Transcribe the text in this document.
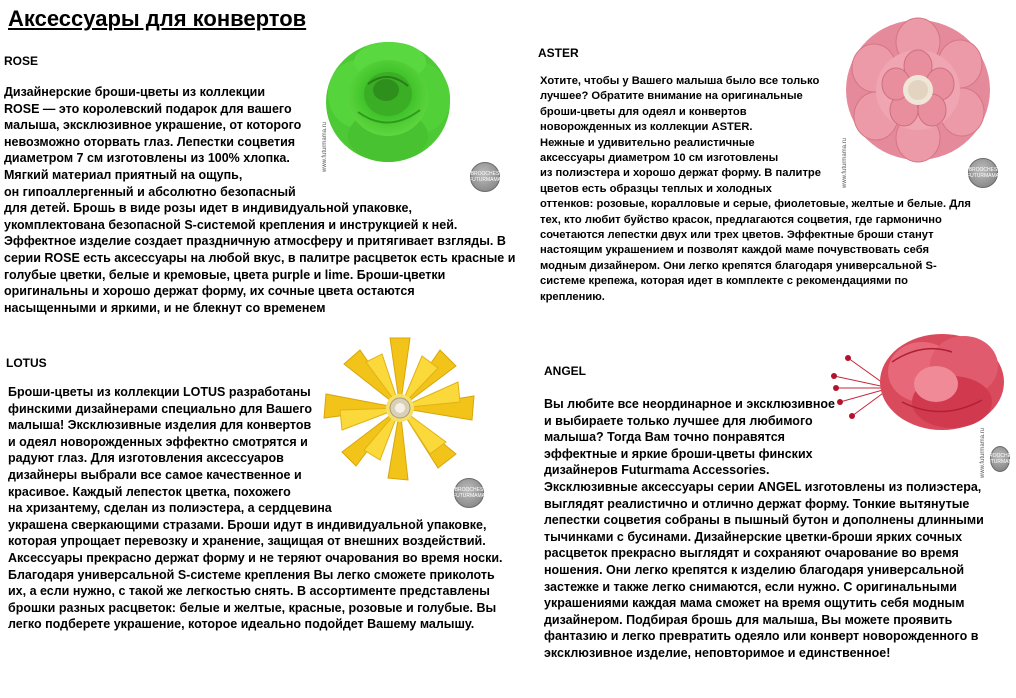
Аксессуары для конвертов
ROSE
www.futurmama.ru
BROOCHES FUTURMAMA

Дизайнерские броши-цветы из коллекции

ROSE — это королевский подарок для вашего

малыша, эксклюзивное украшение, от которого

невозможно оторвать глаз. Лепестки соцветия

диаметром 7 см изготовлены из 100% хлопка.

Мягкий материал приятный на ощупь,

он гипоаллергенный и абсолютно безопасный

для детей. Брошь в виде розы идет в индивидуальной упаковке,

укомплектована безопасной S-системой крепления и инструкцией к ней.

Эффектное изделие создает праздничную атмосферу и притягивает взгляды. В

серии ROSE есть аксессуары на любой вкус, в палитре расцветок есть красные и

голубые цветки, белые и кремовые, цвета purple и lime. Броши-цветки

оригинальны и хорошо держат форму, их сочные цвета остаются

насыщенными и яркими, и не блекнут со временем

ASTER
www.futurmama.ru	BROOCHES FUTURMAMA

Хотите, чтобы у Вашего малыша было все только

лучшее? Обратите внимание на оригинальные

броши-цветы для одеял и конвертов

новорожденных из коллекции ASTER.

Нежные и удивительно реалистичные

аксессуары диаметром 10 см изготовлены

из полиэстера и хорошо держат форму. В палитре

цветов есть образцы теплых и холодных

оттенков: розовые, коралловые и серые, фиолетовые, желтые и белые. Для

тех, кто любит буйство красок, предлагаются соцветия, где гармонично

сочетаются лепестки двух или трех цветов. Эффектные броши станут

настоящим украшением и позволят каждой маме почувствовать себя

модным дизайнером. Они легко крепятся благодаря универсальной S-

системе крепежа, которая идет в комплекте с рекомендациями по

креплению.

LOTUS
BROOCHES FUTURMAMA

Броши-цветы из коллекции LOTUS разработаны

финскими дизайнерами специально для Вашего

малыша! Эксклюзивные изделия для конвертов

и одеял новорожденных эффектно смотрятся и

радуют глаз. Для изготовления аксессуаров

дизайнеры выбрали все самое качественное и

красивое. Каждый лепесток цветка, похожего

на хризантему, сделан из полиэстера, а сердцевина

украшена сверкающими стразами. Броши идут в индивидуальной упаковке,

которая упрощает перевозку и хранение, защищая от внешних воздействий.

Аксессуары прекрасно держат форму и не теряют очарования во время носки.

Благодаря универсальной S-системе крепления Вы легко сможете приколоть

их, а если нужно, с такой же легкостью снять. В ассортименте представлены

брошки разных расцветок: белые и желтые, красные, розовые и голубые. Вы

легко подберете украшение, которое идеально подойдет Вашему малышу.

ANGEL
www.futurmama.ru BROOCHES FUTURMAMA

Вы любите все неординарное и эксклюзивное

и выбираете только лучшее для любимого

малыша? Тогда Вам точно понравятся

эффектные и яркие броши-цветы финских

дизайнеров Futurmama Accessories.

Эксклюзивные аксессуары серии ANGEL изготовлены из полиэстера,

выглядят реалистично и отлично держат форму. Тонкие вытянутые

лепестки соцветия собраны в пышный бутон и дополнены длинными

тычинками с бусинами. Дизайнерские цветки-броши ярких сочных

расцветок прекрасно выглядят и сохраняют очарование во время

ношения. Они легко крепятся к изделию благодаря универсальной

застежке и также легко снимаются, если нужно. С оригинальными

украшениями каждая мама сможет на время ощутить себя модным

дизайнером. Подбирая брошь для малыша, Вы можете проявить

фантазию и легко превратить одеяло или конверт новорожденного в

эксклюзивное изделие, неповторимое и единственное!
